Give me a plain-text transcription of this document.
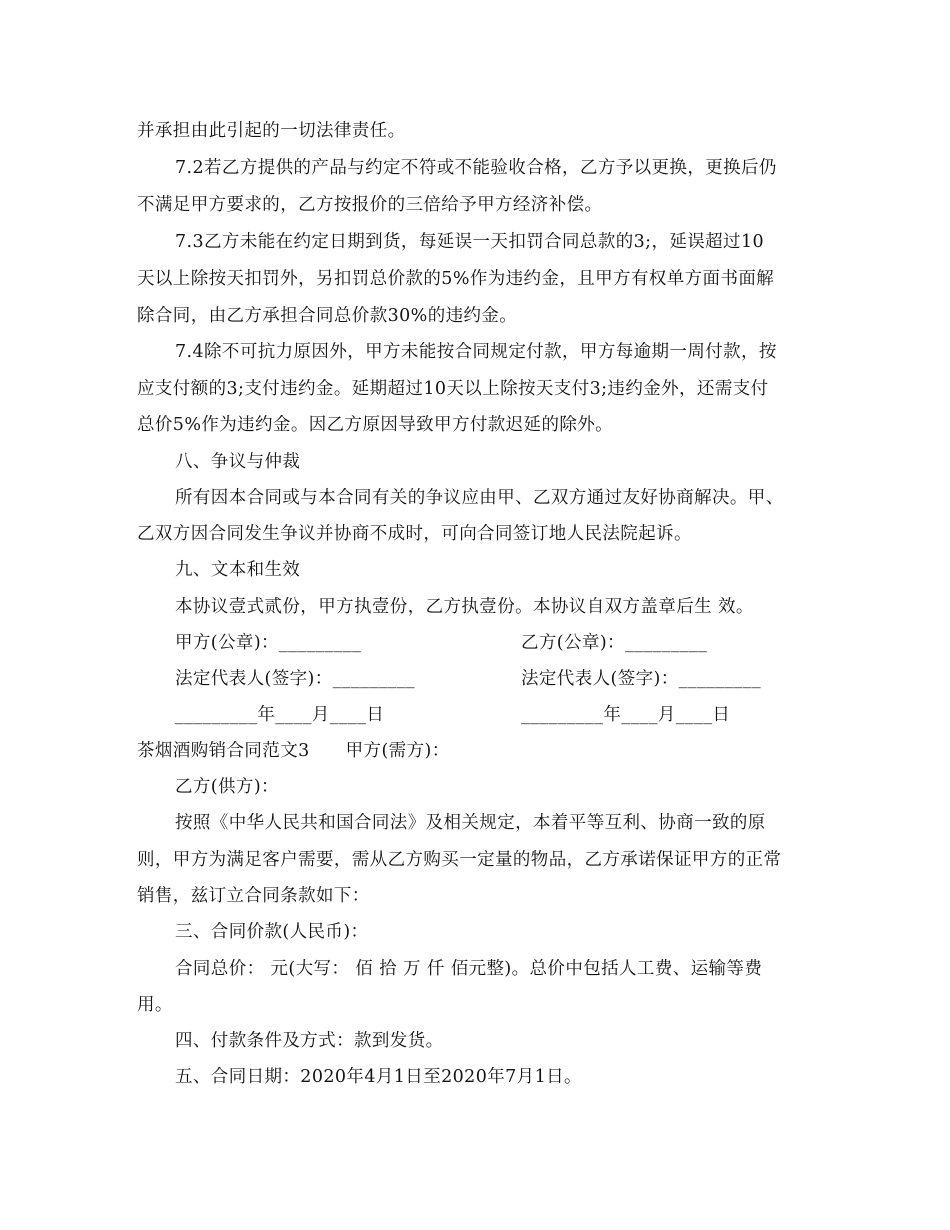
并承担由此引起的一切法律责任。
7.2若乙方提供的产品与约定不符或不能验收合格，乙方予以更换，更换后仍
不满足甲方要求的，乙方按报价的三倍给予甲方经济补偿。
7.3乙方未能在约定日期到货，每延误一天扣罚合同总款的3;，延误超过10
天以上除按天扣罚外，另扣罚总价款的5%作为违约金，且甲方有权单方面书面解
除合同，由乙方承担合同总价款30%的违约金。
7.4除不可抗力原因外，甲方未能按合同规定付款，甲方每逾期一周付款，按
应支付额的3;支付违约金。延期超过10天以上除按天支付3;违约金外，还需支付
总价5%作为违约金。因乙方原因导致甲方付款迟延的除外。
八、争议与仲裁
所有因本合同或与本合同有关的争议应由甲、乙双方通过友好协商解决。甲、
乙双方因合同发生争议并协商不成时，可向合同签订地人民法院起诉。
九、文本和生效
本协议壹式贰份，甲方执壹份，乙方执壹份。本协议自双方盖章后生 效。
甲方(公章)：_________	乙方(公章)：_________
法定代表人(签字)：_________	法定代表人(签字)：_________
_________年____月____日	_________年____月____日
茶烟酒购销合同范文3 甲方(需方)：
乙方(供方)：
按照《中华人民共和国合同法》及相关规定，本着平等互利、协商一致的原
则，甲方为满足客户需要，需从乙方购买一定量的物品，乙方承诺保证甲方的正常
销售，兹订立合同条款如下：
三、合同价款(人民币)：
合同总价： 元(大写： 佰 拾 万 仟 佰元整)。总价中包括人工费、运输等费
用。
四、付款条件及方式：款到发货。
五、合同日期：2020年4月1日至2020年7月1日。
